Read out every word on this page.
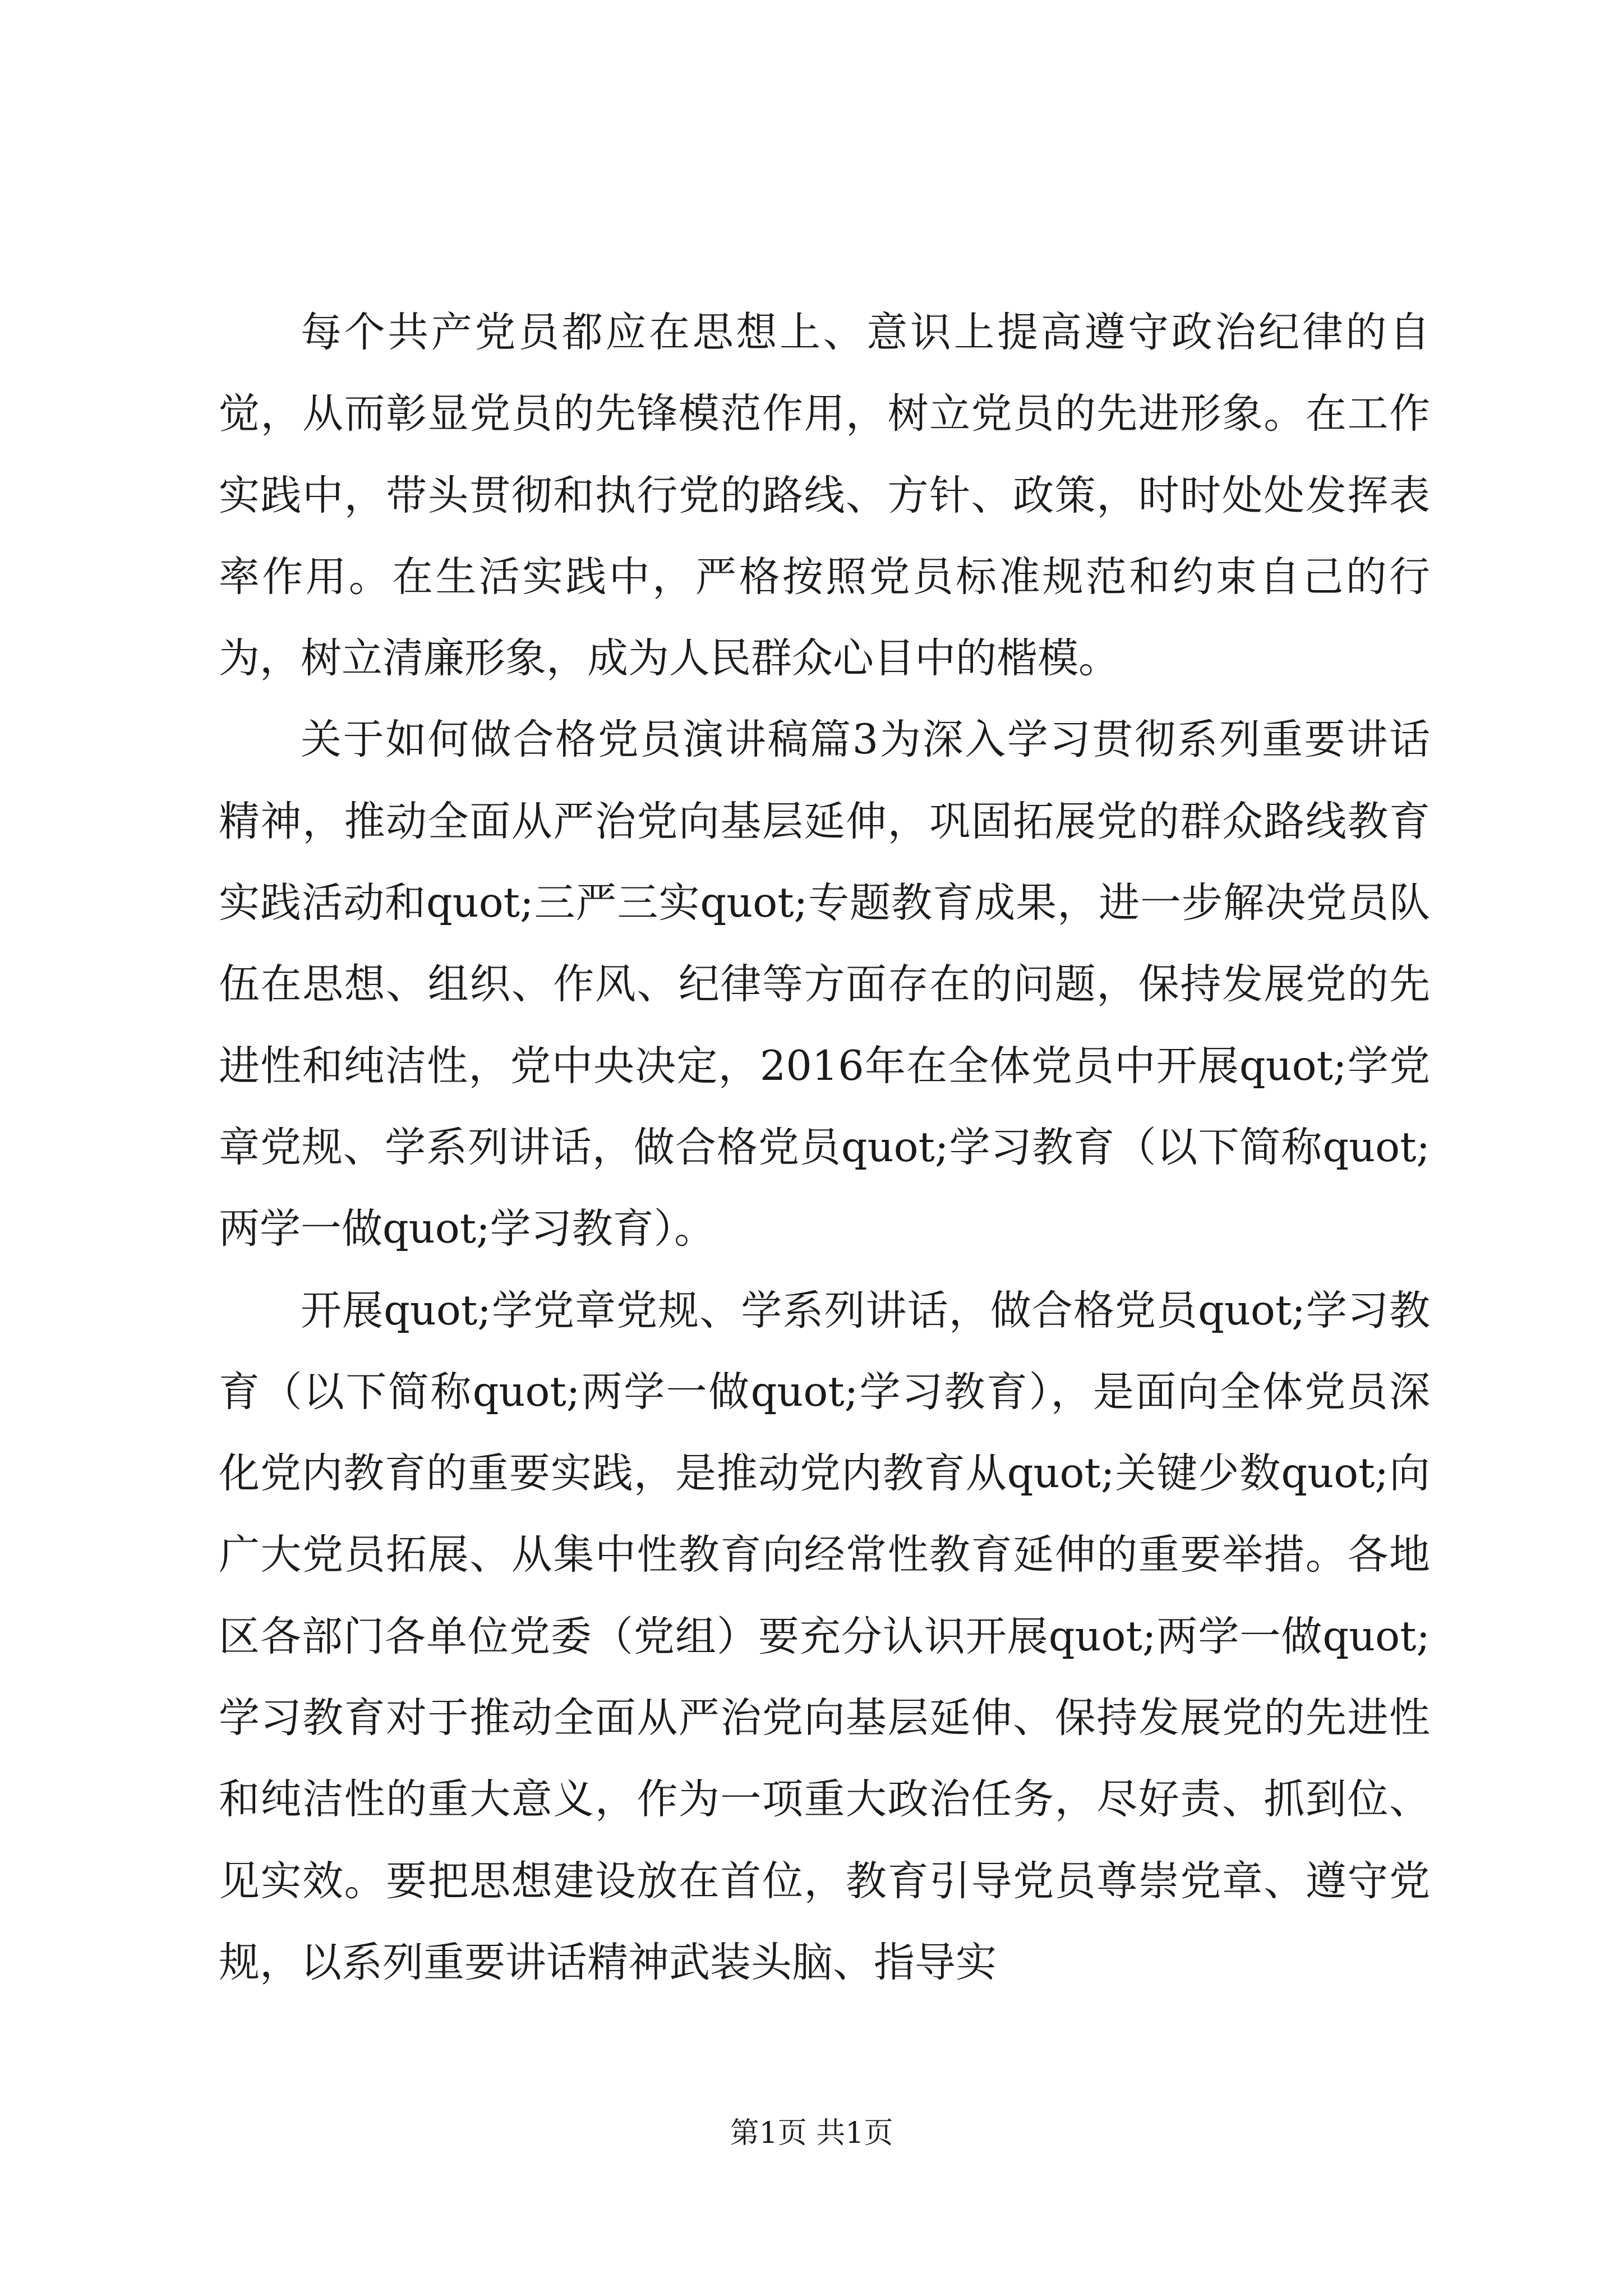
每个共产党员都应在思想上、意识上提高遵守政治纪律的自觉，从而彰显党员的先锋模范作用，树立党员的先进形象。在工作实践中，带头贯彻和执行党的路线、方针、政策，时时处处发挥表率作用。在生活实践中，严格按照党员标准规范和约束自己的行为，树立清廉形象，成为人民群众心目中的楷模。

关于如何做合格党员演讲稿篇3为深入学习贯彻系列重要讲话精神，推动全面从严治党向基层延伸，巩固拓展党的群众路线教育实践活动和quot;三严三实quot;专题教育成果，进一步解决党员队伍在思想、组织、作风、纪律等方面存在的问题，保持发展党的先进性和纯洁性，党中央决定，2016年在全体党员中开展quot;学党章党规、学系列讲话，做合格党员quot;学习教育（以下简称quot;两学一做quot;学习教育）。

开展quot;学党章党规、学系列讲话，做合格党员quot;学习教育（以下简称quot;两学一做quot;学习教育），是面向全体党员深化党内教育的重要实践，是推动党内教育从quot;关键少数quot;向广大党员拓展、从集中性教育向经常性教育延伸的重要举措。各地区各部门各单位党委（党组）要充分认识开展quot;两学一做quot;学习教育对于推动全面从严治党向基层延伸、保持发展党的先进性和纯洁性的重大意义，作为一项重大政治任务，尽好责、抓到位、见实效。要把思想建设放在首位，教育引导党员尊崇党章、遵守党规，以系列重要讲话精神武装头脑、指导实

第1页 共1页
